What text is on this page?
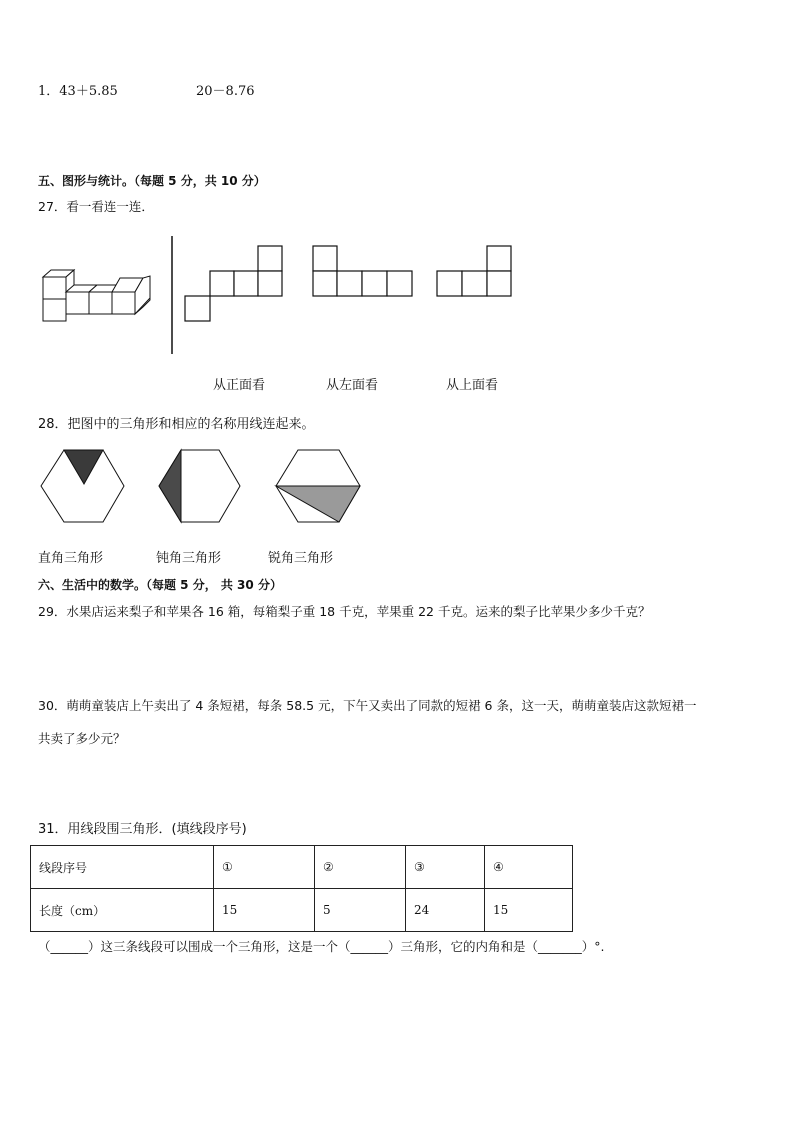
1．43＋5.85	20－8.76
五、图形与统计。（每题 5 分，共 10 分）
27．看一看连一连．
从正面看	从左面看	从上面看
28．把图中的三角形和相应的名称用线连起来。
直角三角形	钝角三角形	锐角三角形
六、生活中的数学。（每题 5 分， 共 30 分）
29．水果店运来梨子和苹果各 16 箱，每箱梨子重 18 千克，苹果重 22 千克。运来的梨子比苹果少多少千克？
30．萌萌童装店上午卖出了 4 条短裙，每条 58.5 元，下午又卖出了同款的短裙 6 条，这一天，萌萌童装店这款短裙一
共卖了多少元？
31．用线段围三角形．(填线段序号)
线段序号	①	②	③	④
长度（cm）	15	5	24	15
（______）这三条线段可以围成一个三角形，这是一个（______）三角形，它的内角和是（_______）°.
